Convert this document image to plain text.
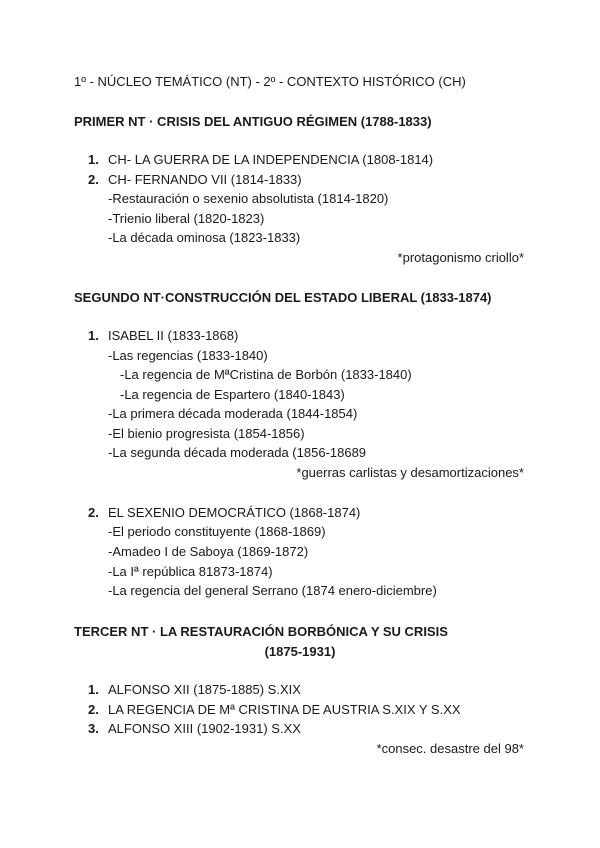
1º - NÚCLEO TEMÁTICO (NT) - 2º - CONTEXTO HISTÓRICO (CH)
PRIMER NT · CRISIS DEL ANTIGUO RÉGIMEN (1788-1833)
1. CH- LA GUERRA DE LA INDEPENDENCIA (1808-1814)
2. CH- FERNANDO VII (1814-1833)
-Restauración o sexenio absolutista (1814-1820)
-Trienio liberal (1820-1823)
-La década ominosa (1823-1833)
*protagonismo criollo*
SEGUNDO NT·CONSTRUCCIÓN DEL ESTADO LIBERAL (1833-1874)
1. ISABEL II (1833-1868)
-Las regencias (1833-1840)
-La regencia de MªCristina de Borbón (1833-1840)
-La regencia de Espartero (1840-1843)
-La primera década moderada (1844-1854)
-El bienio progresista (1854-1856)
-La segunda década moderada (1856-18689
*guerras carlistas y desamortizaciones*
2. EL SEXENIO DEMOCRÁTICO (1868-1874)
-El periodo constituyente (1868-1869)
-Amadeo I de Saboya (1869-1872)
-La Iª república 81873-1874)
-La regencia del general Serrano (1874 enero-diciembre)
TERCER NT · LA RESTAURACIÓN BORBÓNICA Y SU CRISIS
(1875-1931)
1. ALFONSO XII (1875-1885) S.XIX
2. LA REGENCIA DE Mª CRISTINA DE AUSTRIA S.XIX Y S.XX
3. ALFONSO XIII (1902-1931) S.XX
*consec. desastre del 98*
